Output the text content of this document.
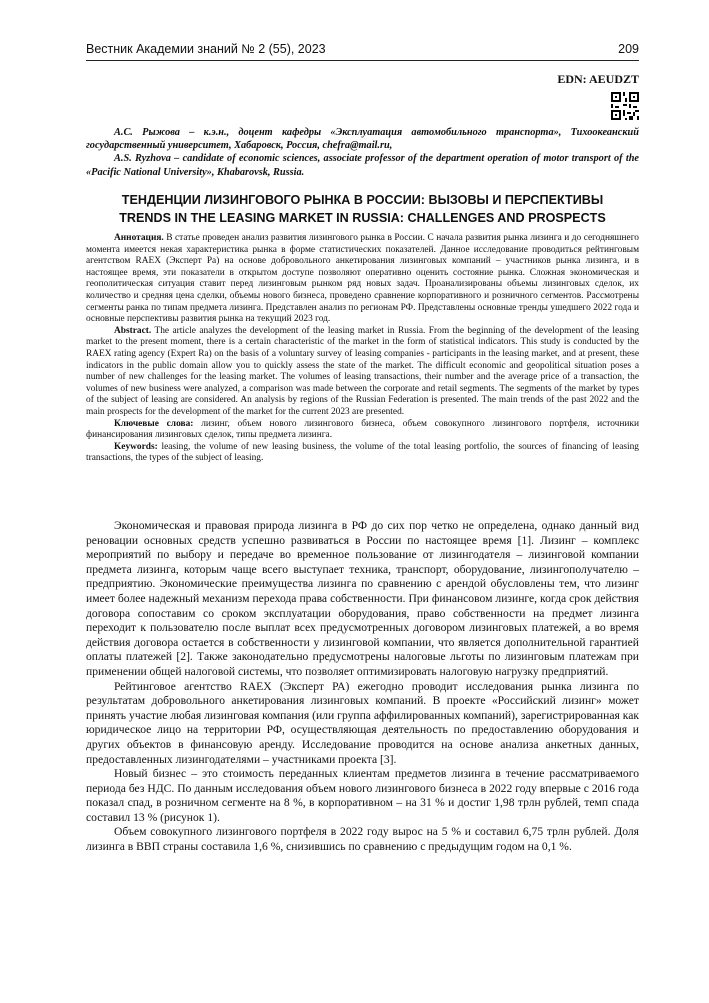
Вестник Академии знаний № 2 (55), 2023	209
EDN: AEUDZT

А.С. Рыжова – к.э.н., доцент кафедры «Эксплуатация автомобильного транспорта», Тихоокеанский государственный университет, Хабаровск, Россия, chefra@mail.ru,

A.S. Ryzhova – candidate of economic sciences, associate professor of the department operation of motor transport of the «Pacific National University», Khabarovsk, Russia.

ТЕНДЕНЦИИ ЛИЗИНГОВОГО РЫНКА В РОССИИ: ВЫЗОВЫ И ПЕРСПЕКТИВЫ
TRENDS IN THE LEASING MARKET IN RUSSIA: CHALLENGES AND PROSPECTS

Аннотация. В статье проведен анализ развития лизингового рынка в России. С начала развития рынка лизинга и до сегодняшнего момента имеется некая характеристика рынка в форме статистических показателей. Данное исследование проводиться рейтинговым агентством RAEX (Эксперт Ра) на основе добровольного анкетирования лизинговых компаний – участников рынка лизинга, и в настоящее время, эти показатели в открытом доступе позволяют оперативно оценить состояние рынка. Сложная экономическая и геополитическая ситуация ставит перед лизинговым рынком ряд новых задач. Проанализированы объемы лизинговых сделок, их количество и средняя цена сделки, объемы нового бизнеса, проведено сравнение корпоративного и розничного сегментов. Рассмотрены сегменты ранка по типам предмета лизинга. Представлен анализ по регионам РФ. Представлены основные тренды ушедшего 2022 года и основные перспективы развития рынка на текущий 2023 год.

Abstract. The article analyzes the development of the leasing market in Russia. From the beginning of the development of the leasing market to the present moment, there is a certain characteristic of the market in the form of statistical indicators. This study is conducted by the RAEX rating agency (Expert Ra) on the basis of a voluntary survey of leasing companies - participants in the leasing market, and at present, these indicators in the public domain allow you to quickly assess the state of the market. The difficult economic and geopolitical situation poses a number of new challenges for the leasing market. The volumes of leasing transactions, their number and the average price of a transaction, the volumes of new business were analyzed, a comparison was made between the corporate and retail segments. The segments of the market by types of the subject of leasing are considered. An analysis by regions of the Russian Federation is presented. The main trends of the past 2022 and the main prospects for the development of the market for the current 2023 are presented.

Ключевые слова: лизинг, объем нового лизингового бизнеса, объем совокупного лизингового портфеля, источники финансирования лизинговых сделок, типы предмета лизинга.

Keywords: leasing, the volume of new leasing business, the volume of the total leasing portfolio, the sources of financing of leasing transactions, the types of the subject of leasing.

Экономическая и правовая природа лизинга в РФ до сих пор четко не определена, однако данный вид реновации основных средств успешно развиваться в России по настоящее время [1]. Лизинг – комплекс мероприятий по выбору и передаче во временное пользование от лизингодателя – лизинговой компании предмета лизинга, которым чаще всего выступает техника, транспорт, оборудование, лизингополучателю – предприятию. Экономические преимущества лизинга по сравнению с арендой обусловлены тем, что лизинг имеет более надежный механизм перехода права собственности. При финансовом лизинге, когда срок действия договора сопоставим со сроком эксплуатации оборудования, право собственности на предмет лизинга переходит к пользователю после выплат всех предусмотренных договором лизинговых платежей, а во время действия договора остается в собственности у лизинговой компании, что является дополнительной гарантией оплаты платежей [2]. Также законодательно предусмотрены налоговые льготы по лизинговым платежам при применении общей налоговой системы, что позволяет оптимизировать налоговую нагрузку предприятий.

Рейтинговое агентство RAEX (Эксперт РА) ежегодно проводит исследования рынка лизинга по результатам добровольного анкетирования лизинговых компаний. В проекте «Российский лизинг» может принять участие любая лизинговая компания (или группа аффилированных компаний), зарегистрированная как юридическое лицо на территории РФ, осуществляющая деятельность по предоставлению оборудования и других объектов в финансовую аренду. Исследование проводится на основе анализа анкетных данных, предоставленных лизингодателями – участниками проекта [3].

Новый бизнес – это стоимость переданных клиентам предметов лизинга в течение рассматриваемого периода без НДС. По данным исследования объем нового лизингового бизнеса в 2022 году впервые с 2016 года показал спад, в розничном сегменте на 8 %, в корпоративном – на 31 % и достиг 1,98 трлн рублей, темп спада составил 13 % (рисунок 1).

Объем совокупного лизингового портфеля в 2022 году вырос на 5 % и составил 6,75 трлн рублей. Доля лизинга в ВВП страны составила 1,6 %, снизившись по сравнению с предыдущим годом на 0,1 %.
